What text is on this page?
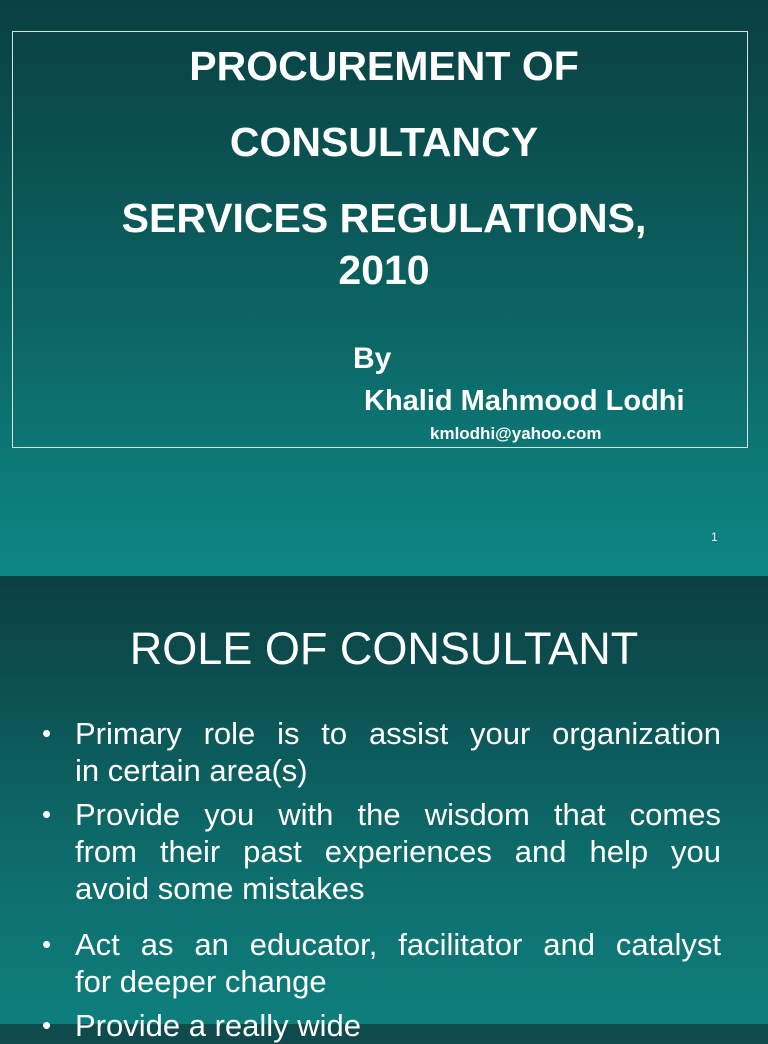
PROCUREMENT OF
CONSULTANCY
SERVICES REGULATIONS,
2010
By
Khalid Mahmood Lodhi
kmlodhi@yahoo.com
1
ROLE OF CONSULTANT
• Primary role is to assist your organization
in certain area(s)
• Provide you with the wisdom that comes
from their past experiences and help you
avoid some mistakes
• Act as an educator, facilitator and catalyst
for deeper change
• Provide a really wide
